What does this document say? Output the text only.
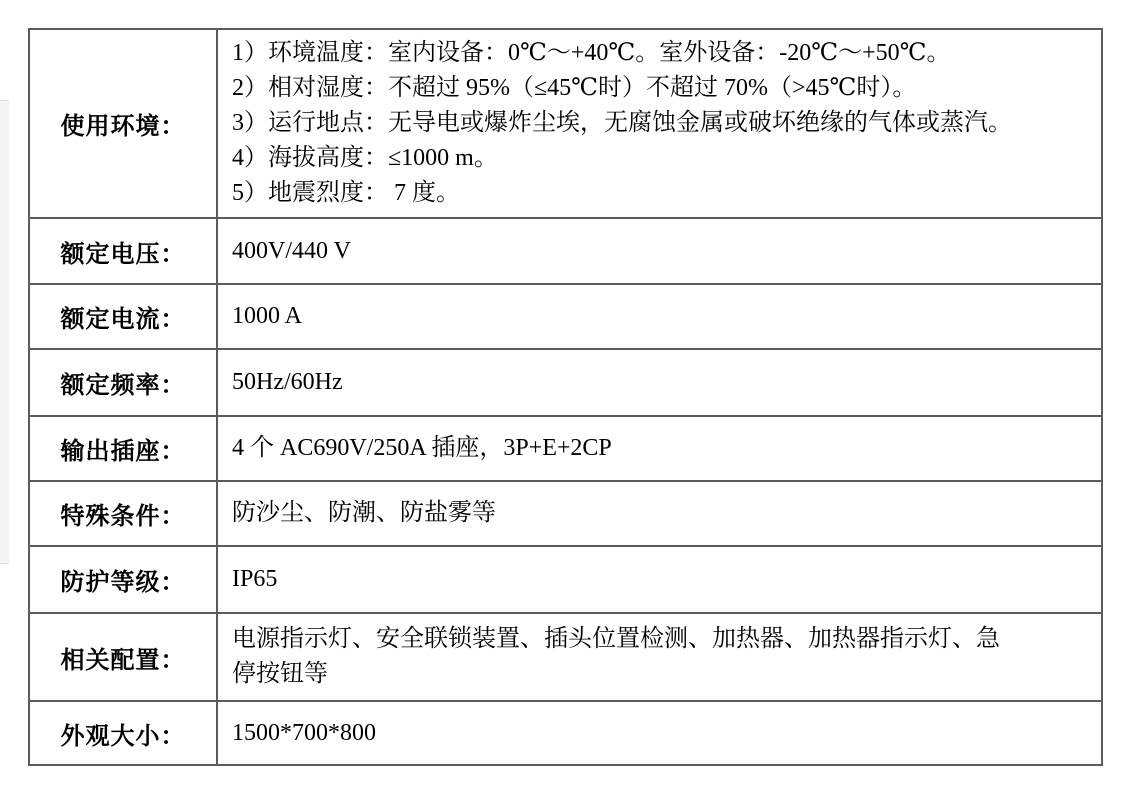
使用环境：	1）环境温度：室内设备：0℃～+40℃。室外设备：-20℃～+50℃。
2）相对湿度：不超过 95%（≤45℃时）不超过 70%（>45℃时）。
3）运行地点：无导电或爆炸尘埃，无腐蚀金属或破坏绝缘的气体或蒸汽。
4）海拔高度：≤1000 m。
5）地震烈度： 7 度。

额定电压：	400V/440 V

额定电流：	1000 A

额定频率：	50Hz/60Hz

输出插座：	4 个 AC690V/250A 插座，3P+E+2CP

特殊条件：	防沙尘、防潮、防盐雾等

防护等级：	IP65

相关配置：	电源指示灯、安全联锁装置、插头位置检测、加热器、加热器指示灯、急
停按钮等

外观大小：	1500*700*800
